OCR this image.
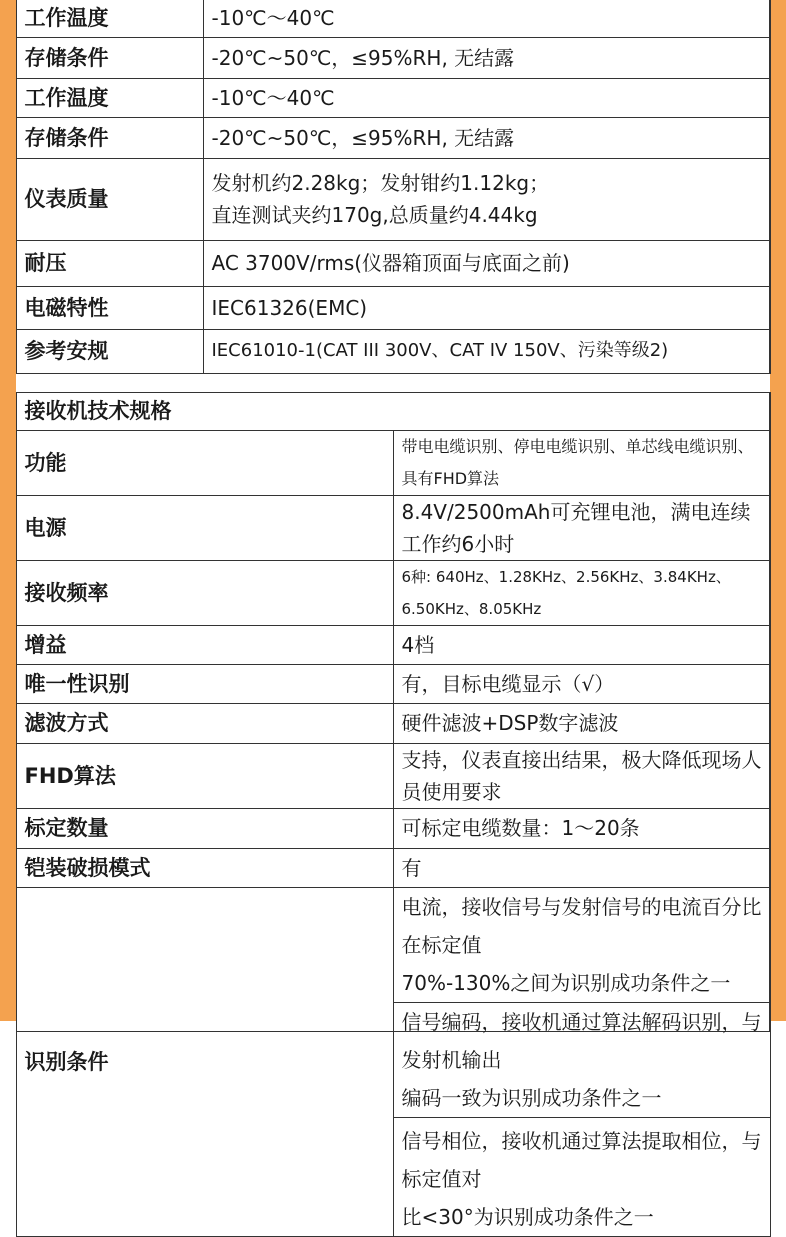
工作温度	-10℃～40℃
存储条件	-20℃~50℃，≤95%RH, 无结露
工作温度	-10℃～40℃
存储条件	-20℃~50℃，≤95%RH, 无结露
仪表质量	发射机约2.28kg；发射钳约1.12kg；
直连测试夹约170g,总质量约4.44kg

耐压	AC 3700V/rms(仪器箱顶面与底面之前)
电磁特性	IEC61326(EMC)
参考安规	IEC61010-1(CAT III 300V、CAT IV 150V、污染等级2)
接收机技术规格	
功能	带电电缆识别、停电电缆识别、单芯线电缆识别、具有FHD算法
电源	8.4V/2500mAh可充锂电池，满电连续工作约6小时
接收频率	6种: 640Hz、1.28KHz、2.56KHz、3.84KHz、6.50KHz、8.05KHz
增益	4档
唯一性识别	有，目标电缆显示（√）
滤波方式	硬件滤波+DSP数字滤波
FHD算法	支持，仪表直接出结果，极大降低现场人员使用要求
标定数量	可标定电缆数量：1～20条
铠装破损模式	有
识别条件	电流，接收信号与发射信号的电流百分比在标定值
70%-130%之间为识别成功条件之一

	信号编码，接收机通过算法解码识别，与发射机输出
编码一致为识别成功条件之一

	信号相位，接收机通过算法提取相位，与标定值对
比<30°为识别成功条件之一
